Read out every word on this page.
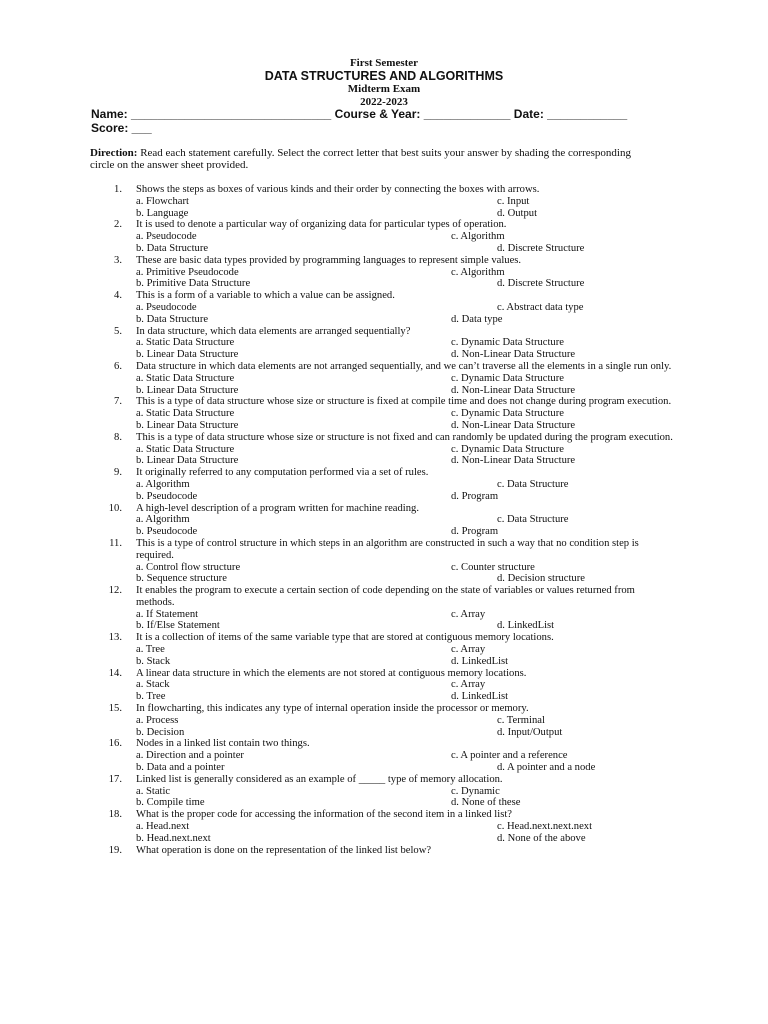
First Semester
DATA STRUCTURES AND ALGORITHMS
Midterm Exam
2022-2023
Name: ______________________________ Course & Year: _____________ Date: ____________
Score: ___
Direction: Read each statement carefully. Select the correct letter that best suits your answer by shading the corresponding circle on the answer sheet provided.
1. Shows the steps as boxes of various kinds and their order by connecting the boxes with arrows.
a. Flowchart	c. Input
b. Language	d. Output
2. It is used to denote a particular way of organizing data for particular types of operation.
a. Pseudocode	c. Algorithm
b. Data Structure	d. Discrete Structure
3. These are basic data types provided by programming languages to represent simple values.
a. Primitive Pseudocode	c. Algorithm
b. Primitive Data Structure	d. Discrete Structure
4. This is a form of a variable to which a value can be assigned.
a. Pseudocode	c. Abstract data type
b. Data Structure	d. Data type
5. In data structure, which data elements are arranged sequentially?
a. Static Data Structure	c. Dynamic Data Structure
b. Linear Data Structure	d. Non-Linear Data Structure
6. Data structure in which data elements are not arranged sequentially, and we can’t traverse all the elements in a single run only.
a. Static Data Structure	c. Dynamic Data Structure
b. Linear Data Structure	d. Non-Linear Data Structure
7. This is a type of data structure whose size or structure is fixed at compile time and does not change during program execution.
a. Static Data Structure	c. Dynamic Data Structure
b. Linear Data Structure	d. Non-Linear Data Structure
8. This is a type of data structure whose size or structure is not fixed and can randomly be updated during the program execution.
a. Static Data Structure	c. Dynamic Data Structure
b. Linear Data Structure	d. Non-Linear Data Structure
9. It originally referred to any computation performed via a set of rules.
a. Algorithm	c. Data Structure
b. Pseudocode	d. Program
10. A high-level description of a program written for machine reading.
a. Algorithm	c. Data Structure
b. Pseudocode	d. Program
11. This is a type of control structure in which steps in an algorithm are constructed in such a way that no condition step is required.
a. Control flow structure	c. Counter structure
b. Sequence structure	d. Decision structure
12. It enables the program to execute a certain section of code depending on the state of variables or values returned from methods.
a. If Statement	c. Array
b. If/Else Statement	d. LinkedList
13. It is a collection of items of the same variable type that are stored at contiguous memory locations.
a. Tree	c. Array
b. Stack	d. LinkedList
14. A linear data structure in which the elements are not stored at contiguous memory locations.
a. Stack	c. Array
b. Tree	d. LinkedList
15. In flowcharting, this indicates any type of internal operation inside the processor or memory.
a. Process	c. Terminal
b. Decision	d. Input/Output
16. Nodes in a linked list contain two things.
a. Direction and a pointer	c. A pointer and a reference
b. Data and a pointer	d. A pointer and a node
17. Linked list is generally considered as an example of _____ type of memory allocation.
a. Static	c. Dynamic
b. Compile time	d. None of these
18. What is the proper code for accessing the information of the second item in a linked list?
a. Head.next	c. Head.next.next.next
b. Head.next.next	d. None of the above
19. What operation is done on the representation of the linked list below?
